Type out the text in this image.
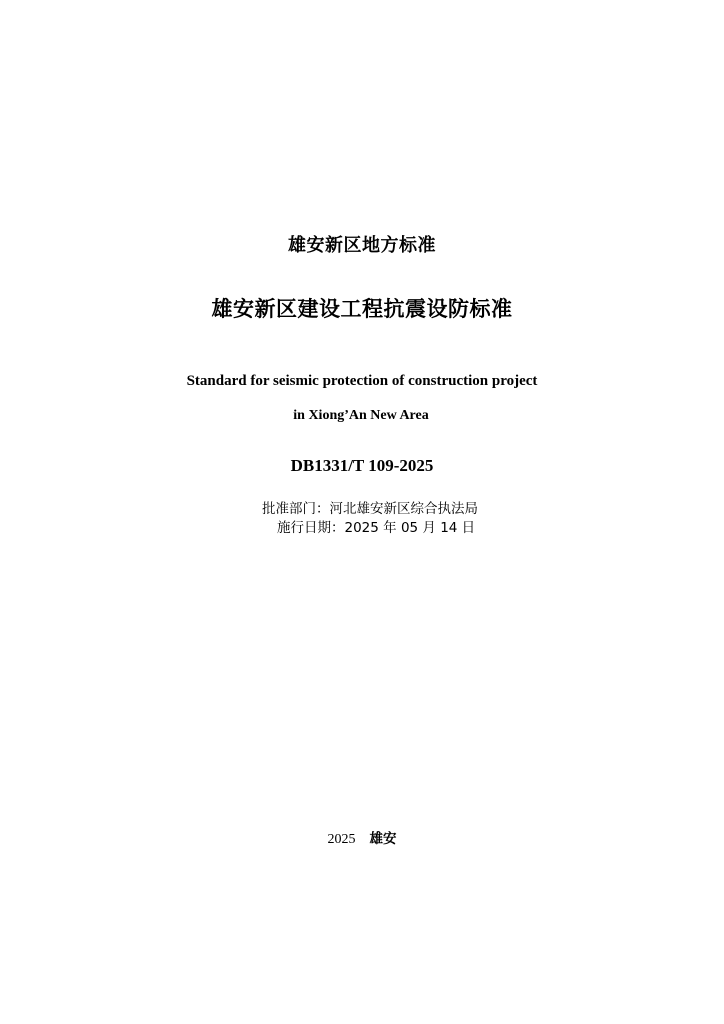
雄安新区地方标准
雄安新区建设工程抗震设防标准
Standard for seismic protection of construction project
in Xiong’An New Area
DB1331/T 109-2025
批准部门：河北雄安新区综合执法局
施行日期：2025 年 05 月 14 日
2025 雄安
